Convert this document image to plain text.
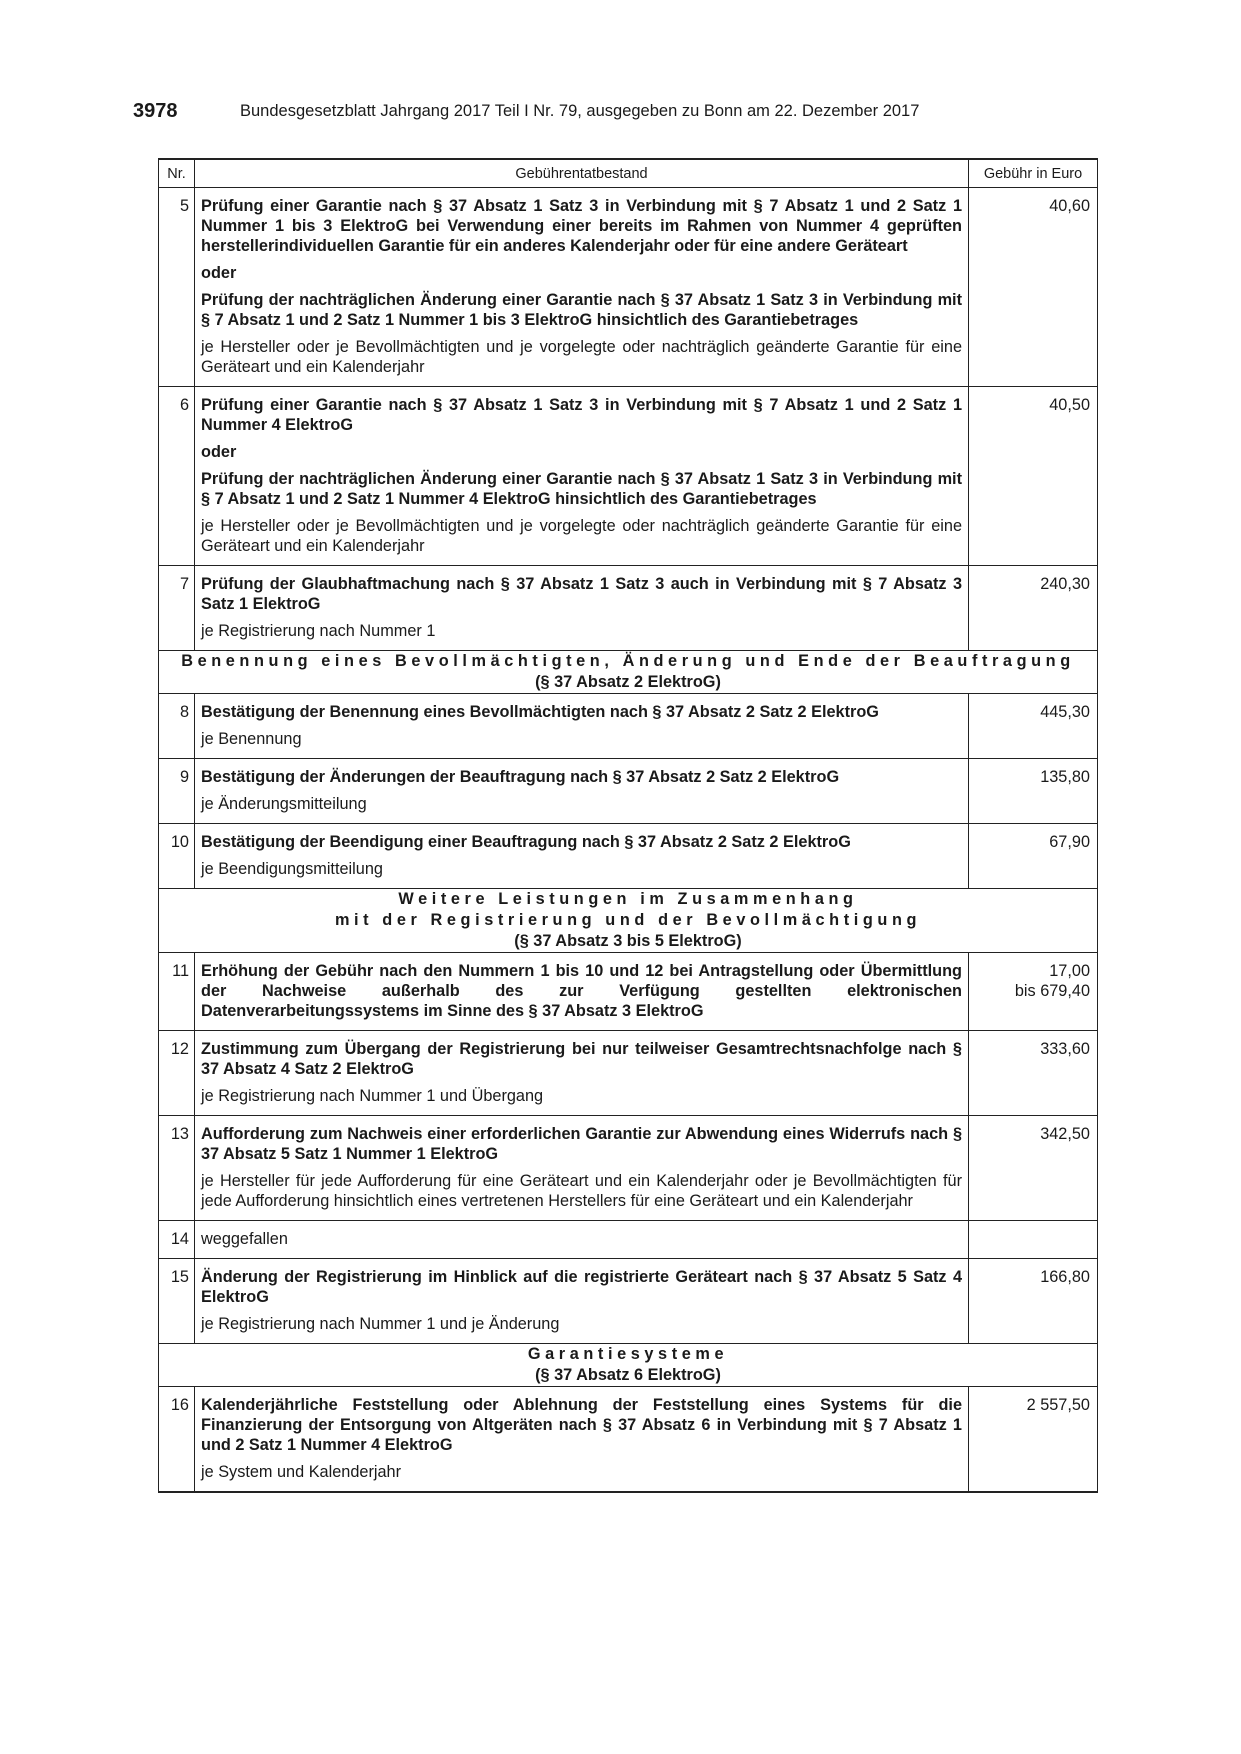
3978	Bundesgesetzblatt Jahrgang 2017 Teil I Nr. 79, ausgegeben zu Bonn am 22. Dezember 2017
Nr.	Gebührentatbestand	Gebühr in Euro
5	Prüfung einer Garantie nach § 37 Absatz 1 Satz 3 in Verbindung mit § 7 Absatz 1 und 2 Satz 1 Nummer 1 bis 3 ElektroG bei Verwendung einer bereits im Rahmen von Nummer 4 geprüften herstellerindividuellen Garantie für ein anderes Kalenderjahr oder für eine andere Geräteart

oder

Prüfung der nachträglichen Änderung einer Garantie nach § 37 Absatz 1 Satz 3 in Verbindung mit § 7 Absatz 1 und 2 Satz 1 Nummer 1 bis 3 ElektroG hinsichtlich des Garantiebetrages

je Hersteller oder je Bevollmächtigten und je vorgelegte oder nachträglich geänderte Garantie für eine Geräteart und ein Kalenderjahr	40,60

6	Prüfung einer Garantie nach § 37 Absatz 1 Satz 3 in Verbindung mit § 7 Absatz 1 und 2 Satz 1 Nummer 4 ElektroG

oder

Prüfung der nachträglichen Änderung einer Garantie nach § 37 Absatz 1 Satz 3 in Verbindung mit § 7 Absatz 1 und 2 Satz 1 Nummer 4 ElektroG hinsichtlich des Garantiebetrages

je Hersteller oder je Bevollmächtigten und je vorgelegte oder nachträglich geänderte Garantie für eine Geräteart und ein Kalenderjahr	40,50

7	Prüfung der Glaubhaftmachung nach § 37 Absatz 1 Satz 3 auch in Verbindung mit § 7 Absatz 3 Satz 1 ElektroG

je Registrierung nach Nummer 1	240,30

Benennung eines Bevollmächtigten, Änderung und Ende der Beauftragung
(§ 37 Absatz 2 ElektroG)		

8	Bestätigung der Benennung eines Bevollmächtigten nach § 37 Absatz 2 Satz 2 ElektroG

je Benennung	445,30

9	Bestätigung der Änderungen der Beauftragung nach § 37 Absatz 2 Satz 2 ElektroG

je Änderungsmitteilung	135,80

10	Bestätigung der Beendigung einer Beauftragung nach § 37 Absatz 2 Satz 2 ElektroG

je Beendigungsmitteilung	67,90

Weitere Leistungen im Zusammenhang
mit der Registrierung und der Bevollmächtigung
(§ 37 Absatz 3 bis 5 ElektroG)		

11	Erhöhung der Gebühr nach den Nummern 1 bis 10 und 12 bei Antragstellung oder Übermittlung der Nachweise außerhalb des zur Verfügung gestellten elektronischen Datenverarbeitungssystems im Sinne des § 37 Absatz 3 ElektroG	17,00
bis 679,40

12	Zustimmung zum Übergang der Registrierung bei nur teilweiser Gesamtrechtsnachfolge nach § 37 Absatz 4 Satz 2 ElektroG

je Registrierung nach Nummer 1 und Übergang	333,60

13	Aufforderung zum Nachweis einer erforderlichen Garantie zur Abwendung eines Widerrufs nach § 37 Absatz 5 Satz 1 Nummer 1 ElektroG

je Hersteller für jede Aufforderung für eine Geräteart und ein Kalenderjahr oder je Bevollmächtigten für jede Aufforderung hinsichtlich eines vertretenen Herstellers für eine Geräteart und ein Kalenderjahr	342,50

14	weggefallen	

15	Änderung der Registrierung im Hinblick auf die registrierte Geräteart nach § 37 Absatz 5 Satz 4 ElektroG

je Registrierung nach Nummer 1 und je Änderung	166,80

Garantiesysteme
(§ 37 Absatz 6 ElektroG)		

16	Kalenderjährliche Feststellung oder Ablehnung der Feststellung eines Systems für die Finanzierung der Entsorgung von Altgeräten nach § 37 Absatz 6 in Verbindung mit § 7 Absatz 1 und 2 Satz 1 Nummer 4 ElektroG

je System und Kalenderjahr	2 557,50
